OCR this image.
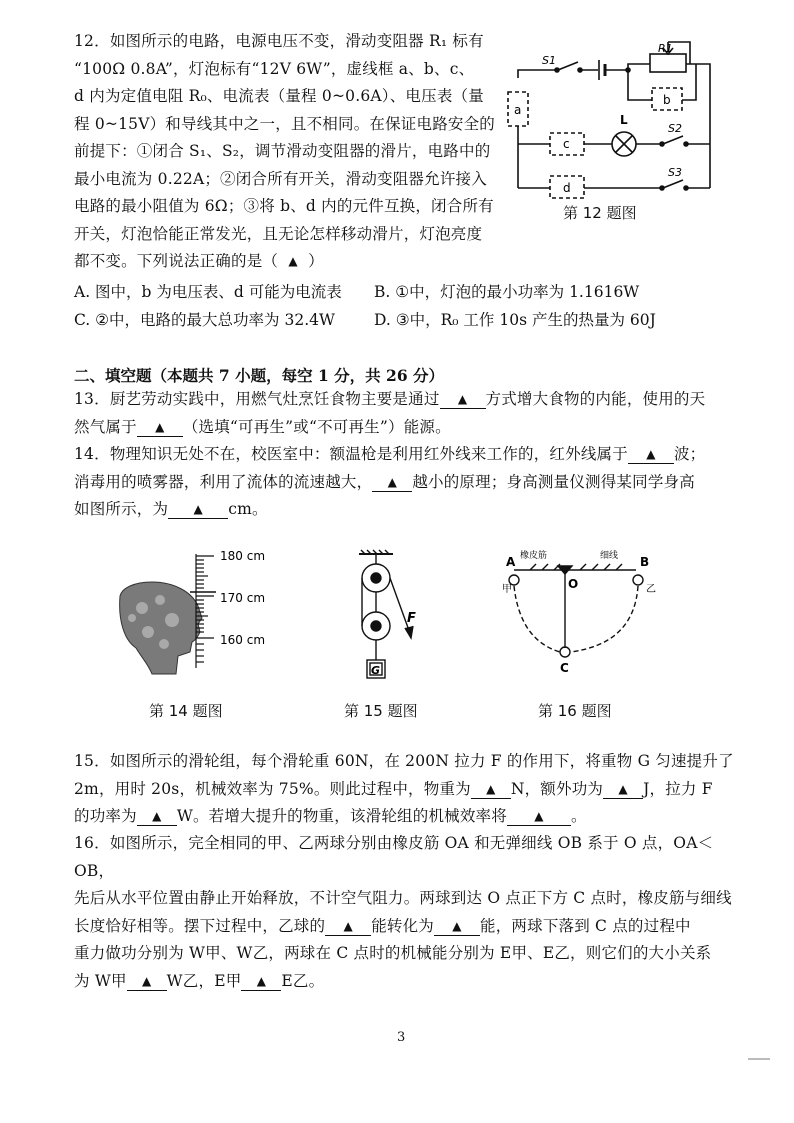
12．如图所示的电路，电源电压不变，滑动变阻器 R₁ 标有

“100Ω 0.8A”，灯泡标有“12V 6W”，虚线框 a、b、c、

d 内为定值电阻 R₀、电流表（量程 0~0.6A）、电压表（量

程 0~15V）和导线其中之一，且不相同。在保证电路安全的

前提下：①闭合 S₁、S₂，调节滑动变阻器的滑片，电路中的

最小电流为 0.22A；②闭合所有开关，滑动变阻器允许接入

电路的最小阻值为 6Ω；③将 b、d 内的元件互换，闭合所有

开关，灯泡恰能正常发光，且无论怎样移动滑片，灯泡亮度

都不变。下列说法正确的是（ ▲ ）

S1
R1
a
b
c
d
L
S2
S3
第 12 题图
A. 图中，b 为电压表、d 可能为电流表 B. ①中，灯泡的最小功率为 1.1616W
C. ②中，电路的最大总功率为 32.4W	D. ③中，R₀ 工作 10s 产生的热量为 60J
二、填空题（本题共 7 小题，每空 1 分，共 26 分）

13．厨艺劳动实践中，用燃气灶烹饪食物主要是通过 ▲ 方式增大食物的内能，使用的天

然气属于 ▲ （选填“可再生”或“不可再生”）能源。

14．物理知识无处不在，校医室中：额温枪是利用红外线来工作的，红外线属于 ▲ 波；

消毒用的喷雾器，利用了流体的流速越大， ▲ 越小的原理；身高测量仪测得某同学身高

如图所示，为 ▲ cm。

180 cm
170 cm
160 cm
第 14 题图
F
G
第 15 题图
A	B
O
C
甲	乙
橡皮筋	细线
第 16 题图

15．如图所示的滑轮组，每个滑轮重 60N，在 200N 拉力 F 的作用下，将重物 G 匀速提升了

2m，用时 20s，机械效率为 75%。则此过程中，物重为 ▲ N，额外功为 ▲ J，拉力 F

的功率为 ▲ W。若增大提升的物重，该滑轮组的机械效率将 ▲ 。

16．如图所示，完全相同的甲、乙两球分别由橡皮筋 OA 和无弹细线 OB 系于 O 点，OA＜OB，

先后从水平位置由静止开始释放，不计空气阻力。两球到达 O 点正下方 C 点时，橡皮筋与细线

长度恰好相等。摆下过程中，乙球的 ▲ 能转化为 ▲ 能，两球下落到 C 点的过程中

重力做功分别为 W甲、W乙，两球在 C 点时的机械能分别为 E甲、E乙，则它们的大小关系

为 W甲 ▲ W乙，E甲 ▲ E乙。

3
